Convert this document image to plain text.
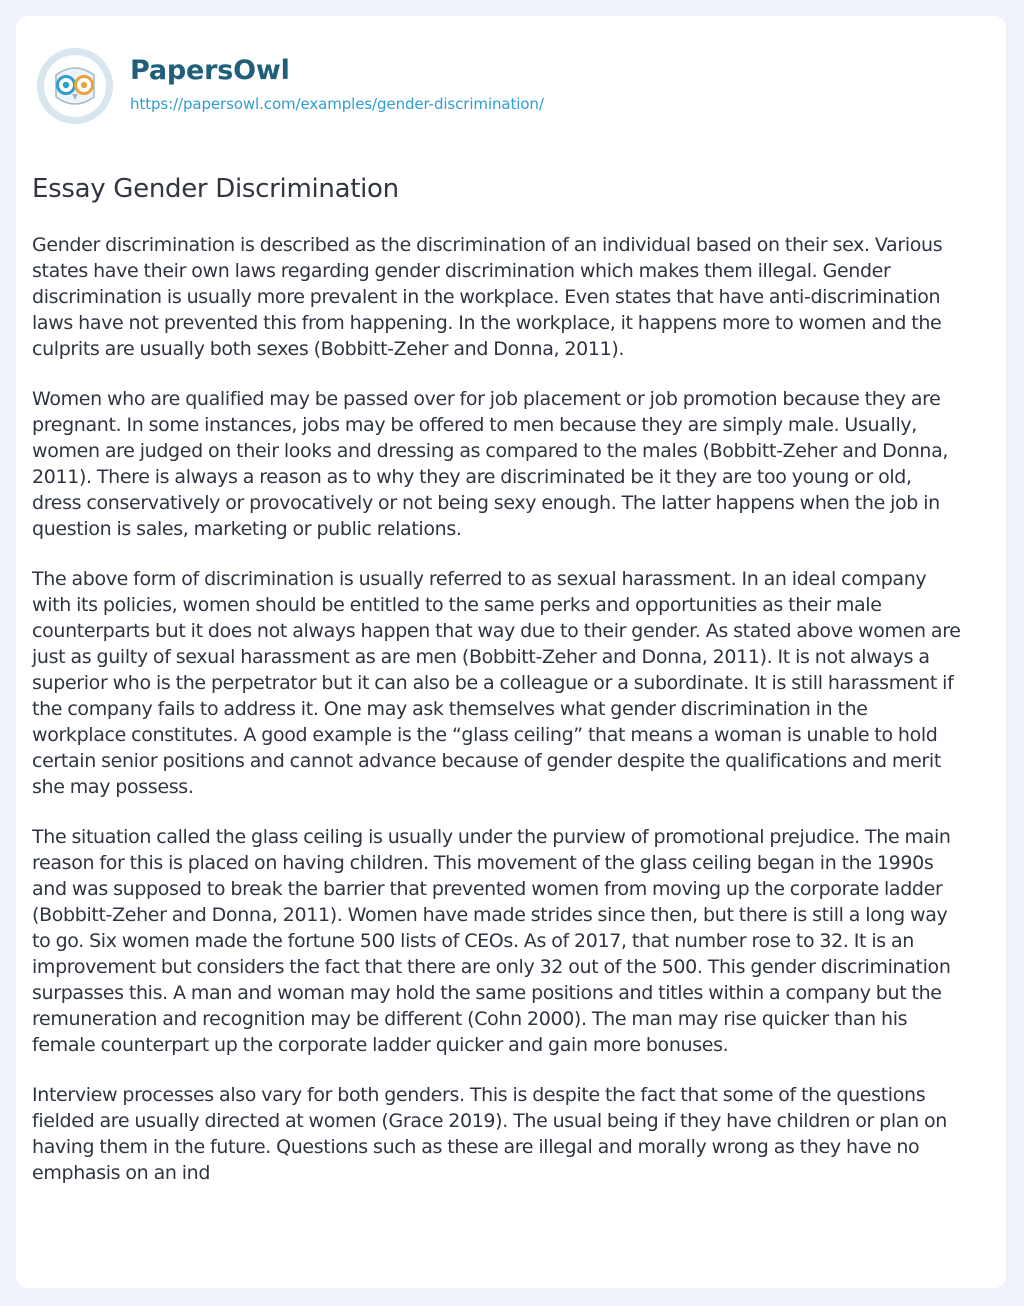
PapersOwl
https://papersowl.com/examples/gender-discrimination/
Essay Gender Discrimination

Gender discrimination is described as the discrimination of an individual based on their sex. Various states have their own laws regarding gender discrimination which makes them illegal. Gender discrimination is usually more prevalent in the workplace. Even states that have anti-discrimination laws have not prevented this from happening. In the workplace, it happens more to women and the culprits are usually both sexes (Bobbitt-Zeher and Donna, 2011).

Women who are qualified may be passed over for job placement or job promotion because they are pregnant. In some instances, jobs may be offered to men because they are simply male. Usually, women are judged on their looks and dressing as compared to the males (Bobbitt-Zeher and Donna, 2011). There is always a reason as to why they are discriminated be it they are too young or old, dress conservatively or provocatively or not being sexy enough. The latter happens when the job in question is sales, marketing or public relations.

The above form of discrimination is usually referred to as sexual harassment. In an ideal company with its policies, women should be entitled to the same perks and opportunities as their male counterparts but it does not always happen that way due to their gender. As stated above women are just as guilty of sexual harassment as are men (Bobbitt-Zeher and Donna, 2011). It is not always a superior who is the perpetrator but it can also be a colleague or a subordinate. It is still harassment if the company fails to address it. One may ask themselves what gender discrimination in the workplace constitutes. A good example is the “glass ceiling” that means a woman is unable to hold certain senior positions and cannot advance because of gender despite the qualifications and merit she may possess.

The situation called the glass ceiling is usually under the purview of promotional prejudice. The main reason for this is placed on having children. This movement of the glass ceiling began in the 1990s and was supposed to break the barrier that prevented women from moving up the corporate ladder (Bobbitt-Zeher and Donna, 2011). Women have made strides since then, but there is still a long way to go. Six women made the fortune 500 lists of CEOs. As of 2017, that number rose to 32. It is an improvement but considers the fact that there are only 32 out of the 500. This gender discrimination surpasses this. A man and woman may hold the same positions and titles within a company but the remuneration and recognition may be different (Cohn 2000). The man may rise quicker than his female counterpart up the corporate ladder quicker and gain more bonuses.

Interview processes also vary for both genders. This is despite the fact that some of the questions fielded are usually directed at women (Grace 2019). The usual being if they have children or plan on having them in the future. Questions such as these are illegal and morally wrong as they have no emphasis on an ind
